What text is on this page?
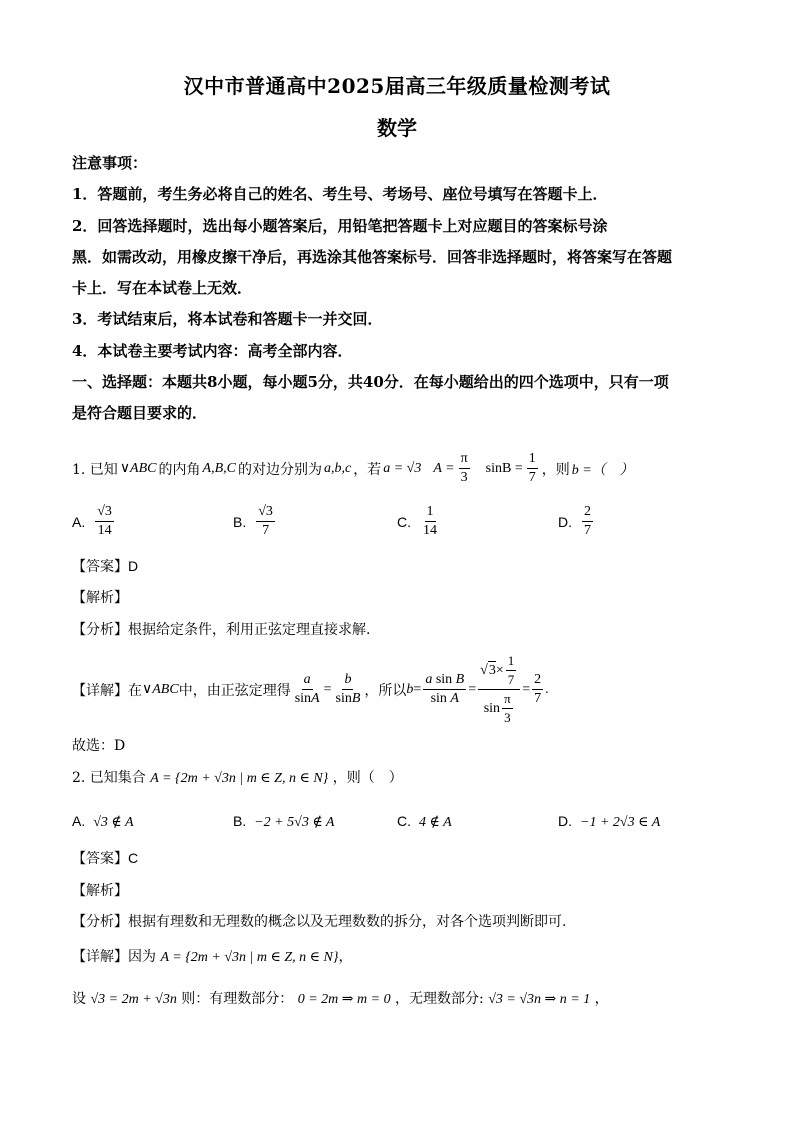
汉中市普通高中2025届高三年级质量检测考试
数学
注意事项：
1．答题前，考生务必将自己的姓名、考生号、考场号、座位号填写在答题卡上．
2．回答选择题时，选出每小题答案后，用铅笔把答题卡上对应题目的答案标号涂
黑．如需改动，用橡皮擦干净后，再选涂其他答案标号．回答非选择题时，将答案写在答题
卡上．写在本试卷上无效．
3．考试结束后，将本试卷和答题卡一并交回．
4．本试卷主要考试内容：高考全部内容．
一、选择题：本题共8小题，每小题5分，共40分．在每小题给出的四个选项中，只有一项
是符合题目要求的．
1. 已知 ∨ABC 的内角 A,B,C 的对边分别为 a,b,c ，若 a = √3 $A = \frac{\pi}{3}$ $\sin B = \frac{1}{7}$ ，则 b =（　）
A. $\frac{√3}{14}$	B. $\frac{√3}{7}$	C. $\frac{1}{14}$	D. $\frac{2}{7}$
【答案】D
【解析】
【分析】根据给定条件，利用正弦定理直接求解.
【详解】 在 ∨ABC 中，由正弦定理得 $\frac{a}{\sin A} = \frac{b}{\sin B}$ ，所以 $b = \frac{\text{a sin B}}{\text{sin A}} = \frac{√ 3 \times \frac{1}{7}}{\sin \frac{\pi}{3}} = \frac{2}{7}$ .
故选：D
2. 已知集合 A = {2m + √3n | m ∈ Z, n ∈ N} ，则（　）
A. √3 ∉ A	B. −2 + 5√3 ∉ A	C. 4 ∉ A	D. −1 + 2√3 ∈ A
【答案】C
【解析】
【分析】根据有理数和无理数的概念以及无理数数的拆分，对各个选项判断即可.
【详解】因为 A = {2m + √3n | m ∈ Z, n ∈ N}，
设 √3 = 2m + √3n 则：有理数部分： 0 = 2m ⇒ m = 0 ，无理数部分: √3 = √3n ⇒ n = 1 ，
